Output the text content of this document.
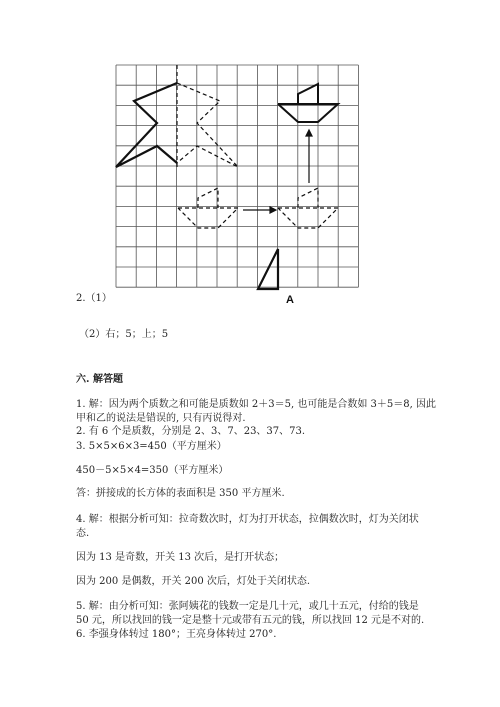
A
2.（1）
（2）右；5；上；5
六. 解答题
1. 解：因为两个质数之和可能是质数如 2＋3＝5, 也可能是合数如 3＋5＝8, 因此
甲和乙的说法是错误的, 只有丙说得对.
2. 有 6 个是质数，分别是 2、3、7、23、37、73.
3. 5×5×6×3=450（平方厘米）
450－5×5×4=350（平方厘米）
答：拼接成的长方体的表面积是 350 平方厘米.
4. 解：根据分析可知：拉奇数次时，灯为打开状态，拉偶数次时，灯为关闭状
态.
因为 13 是奇数，开关 13 次后，是打开状态；
因为 200 是偶数，开关 200 次后，灯处于关闭状态.
5. 解：由分析可知：张阿姨花的钱数一定是几十元，或几十五元，付给的钱是
50 元，所以找回的钱一定是整十元或带有五元的钱，所以找回 12 元是不对的.
6. 李强身体转过 180°；王亮身体转过 270°.
